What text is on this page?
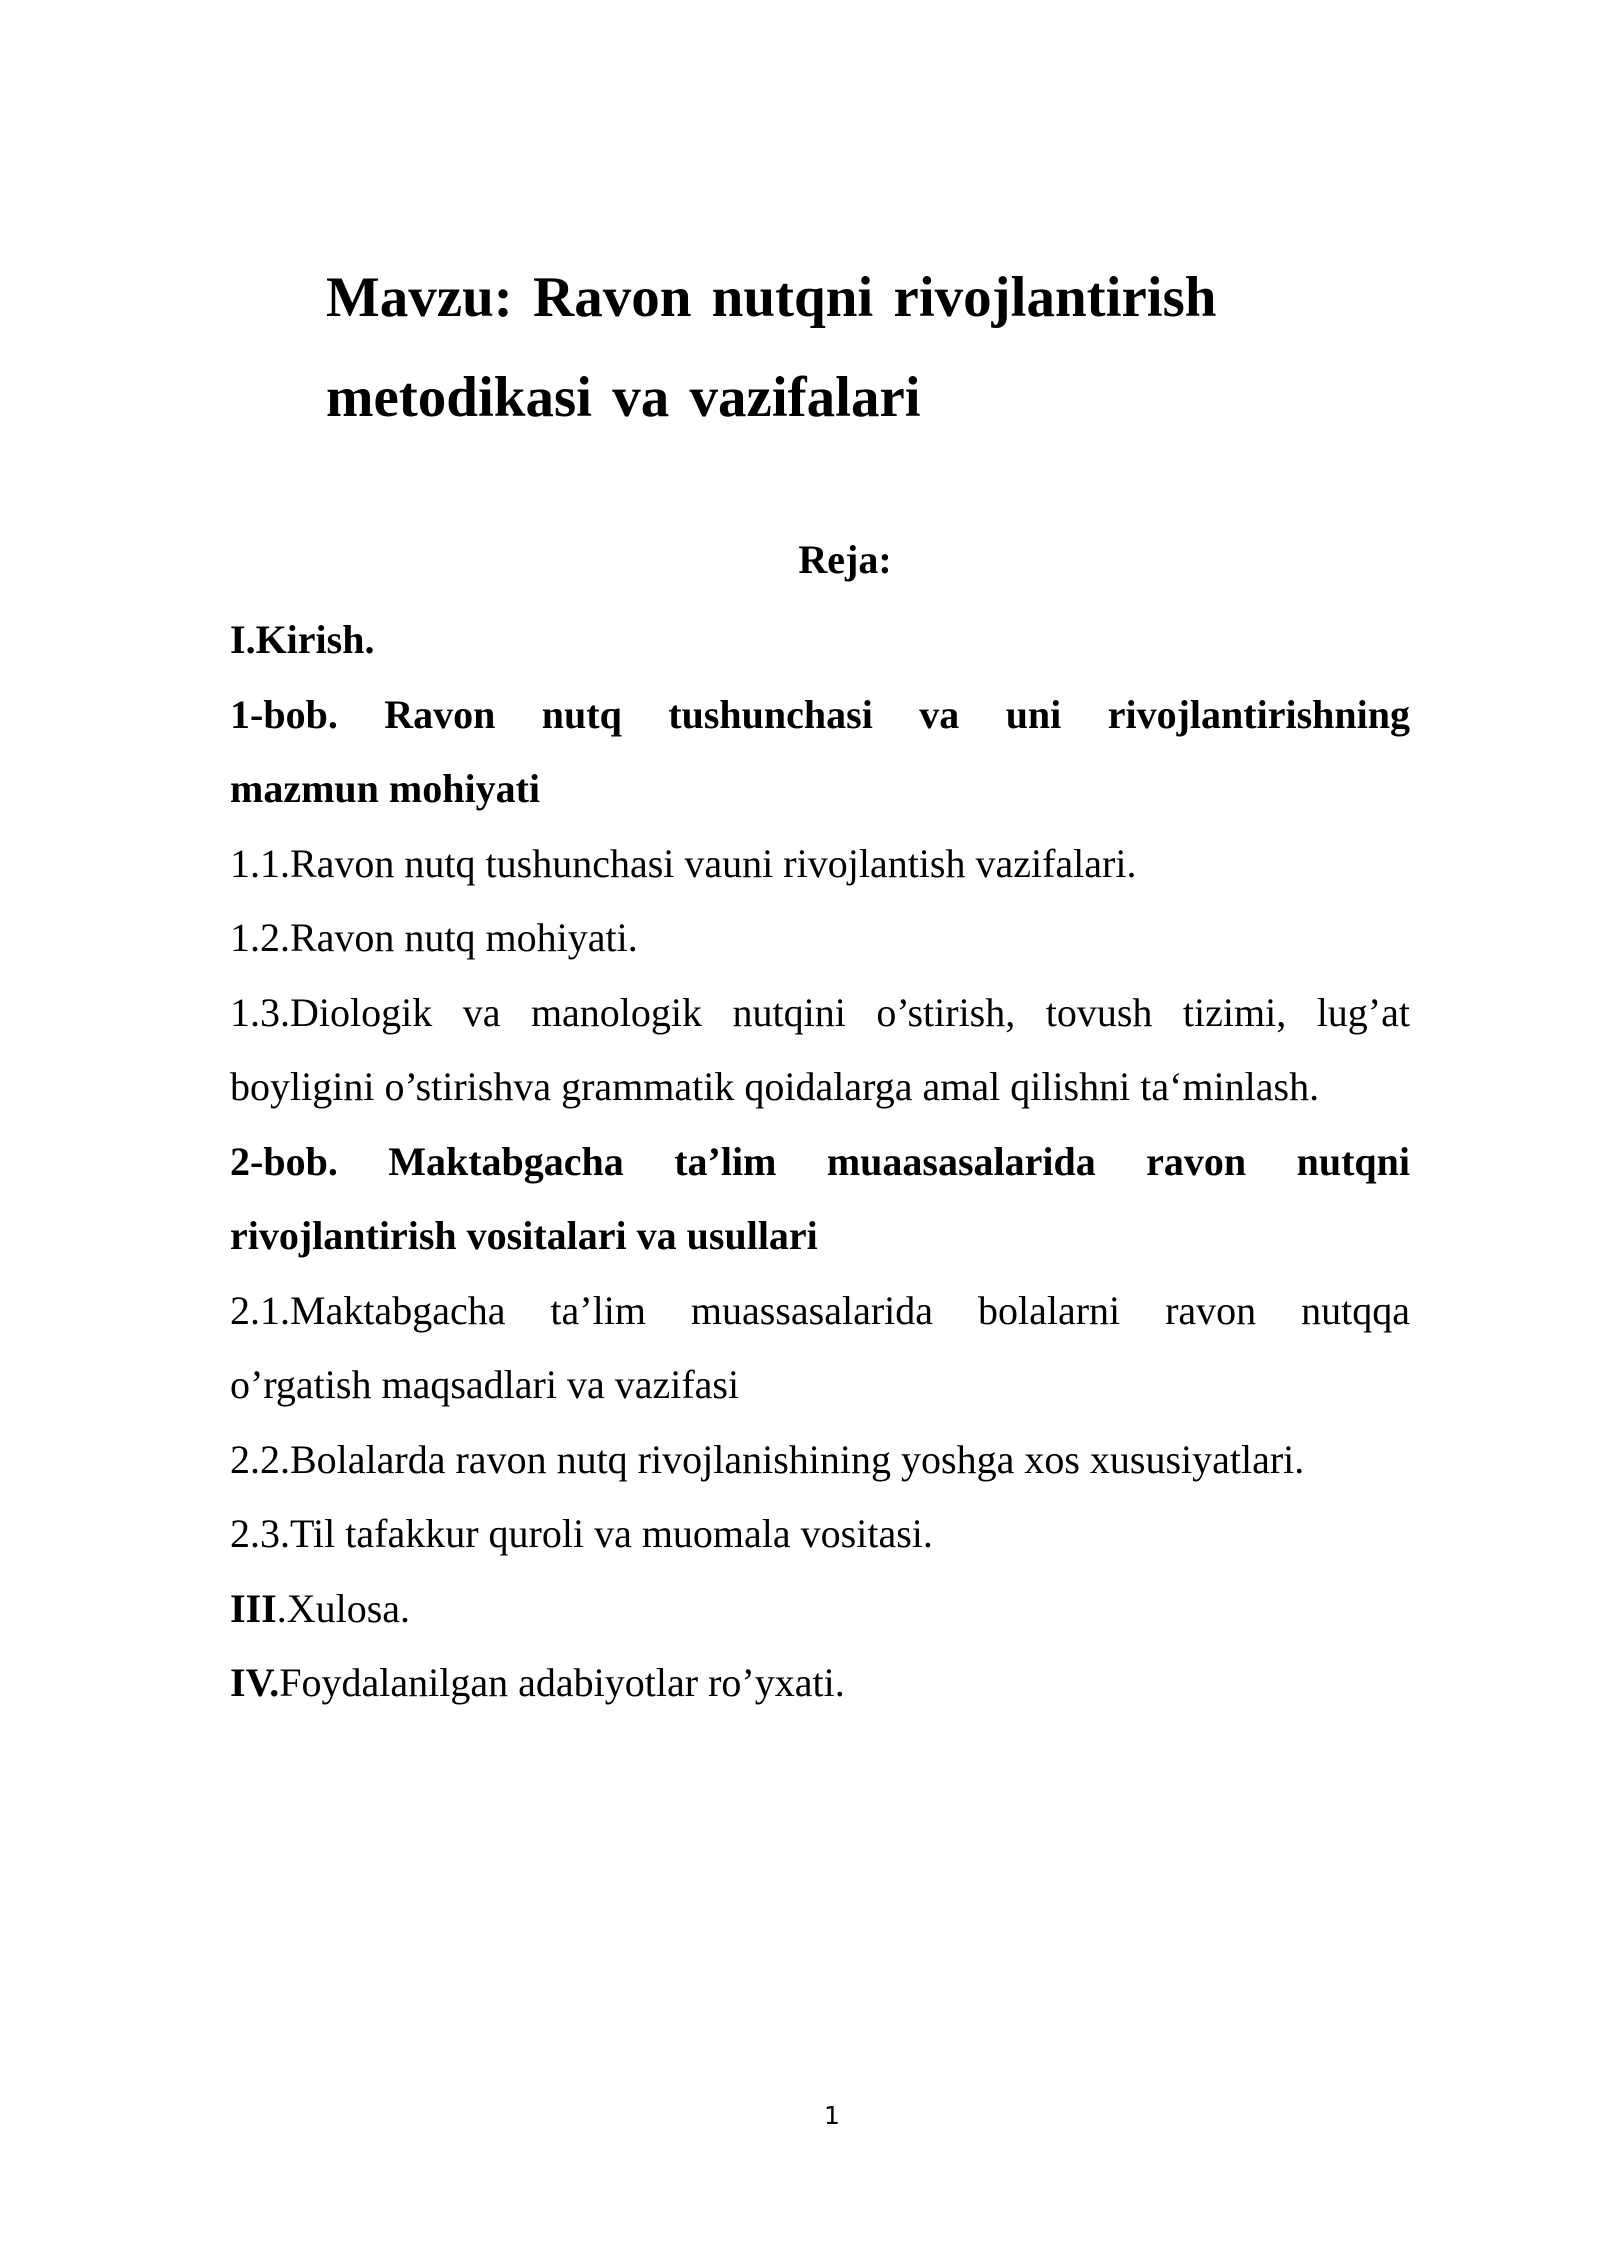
Mavzu: Ravon nutqni rivojlantirish
metodikasi va vazifalari
Reja:
I.Kirish.
1-bob. Ravon nutq tushunchasi va uni rivojlantirishning
mazmun mohiyati
1.1.Ravon nutq tushunchasi vauni rivojlantish vazifalari.
1.2.Ravon nutq mohiyati.
1.3.Diologik va manologik nutqini o’stirish, tovush tizimi, lug’at
boyligini o’stirishva grammatik qoidalarga amal qilishni ta‘minlash.
2-bob. Maktabgacha ta’lim muaasasalarida ravon nutqni
rivojlantirish vositalari va usullari
2.1.Maktabgacha ta’lim muassasalarida bolalarni ravon nutqqa
o’rgatish maqsadlari va vazifasi
2.2.Bolalarda ravon nutq rivojlanishining yoshga xos xususiyatlari.
2.3.Til tafakkur quroli va muomala vositasi.
III.Xulosa.
IV.Foydalanilgan adabiyotlar ro’yxati.
1
